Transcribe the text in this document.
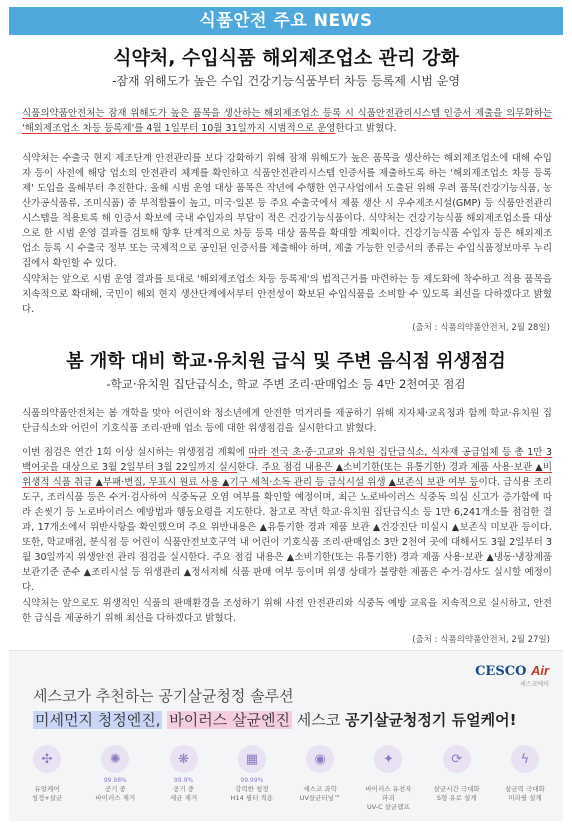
식품안전 주요 NEWS
식약처, 수입식품 해외제조업소 관리 강화
-잠재 위해도가 높은 수입 건강기능식품부터 차등 등록제 시범 운영

식품의약품안전처는 잠재 위해도가 높은 품목을 생산하는 해외제조업소 등록 시 식품안전관리시스템 인증서 제출을 의무화하는 '해외제조업소 차등 등록제'를 4월 1일부터 10월 31일까지 시범적으로 운영한다고 밝혔다.

식약처는 수출국 현지 제조단계 안전관리를 보다 강화하기 위해 잠재 위해도가 높은 품목을 생산하는 해외제조업소에 대해 수입자 등이 사전에 해당 업소의 안전관리 체계를 확인하고 식품안전관리시스템 인증서를 제출하도록 하는 '해외제조업소 차등 등록제' 도입을 올해부터 추진한다. 올해 시범 운영 대상 품목은 작년에 수행한 연구사업에서 도출된 위해 우려 품목(건강기능식품, 농산가공식품류, 조미식품) 중 부적합률이 높고, 미국·일본 등 주요 수출국에서 제품 생산 시 우수제조시설(GMP) 등 식품안전관리시스템을 적용토록 해 인증서 확보에 국내 수입자의 부담이 적은 건강기능식품이다. 식약처는 건강기능식품 해외제조업소를 대상으로 한 시범 운영 결과를 검토해 향후 단계적으로 차등 등록 대상 품목을 확대할 계획이다. 건강기능식품 수입자 등은 해외제조업소 등록 시 수출국 정부 또는 국제적으로 공인된 인증서를 제출해야 하며, 제출 가능한 인증서의 종류는 수입식품정보마루 누리집에서 확인할 수 있다.

식약처는 앞으로 시범 운영 결과를 토대로 '해외제조업소 차등 등록제'의 법적근거를 마련하는 등 제도화에 착수하고 적용 품목을 지속적으로 확대해, 국민이 해외 현지 생산단계에서부터 안전성이 확보된 수입식품을 소비할 수 있도록 최선을 다하겠다고 밝혔다.

(출처 : 식품의약품안전처, 2월 28일)
봄 개학 대비 학교·유치원 급식 및 주변 음식점 위생점검
-학교·유치원 집단급식소, 학교 주변 조리·판매업소 등 4만 2천여곳 점검

식품의약품안전처는 봄 개학을 맞아 어린이와 청소년에게 안전한 먹거리를 제공하기 위해 지자체·교육청과 함께 학교·유치원 집단급식소와 어린이 기호식품 조리·판매 업소 등에 대한 위생점검을 실시한다고 밝혔다.

이번 점검은 연간 1회 이상 실시하는 위생점검 계획에 따라 전국 초·중·고교와 유치원 집단급식소, 식자재 공급업체 등 총 1만 3백여곳을 대상으로 3월 2일부터 3월 22일까지 실시한다. 주요 점검 내용은 ▲소비기한(또는 유통기한) 경과 제품 사용·보관 ▲비위생적 식품 취급 ▲부패·변질, 무표시 원료 사용 ▲기구 세척·소독 관리 등 급식시설 위생 ▲보존식 보관 여부 등이다. 급식용 조리도구, 조리식품 등은 수거·검사하여 식중독균 오염 여부를 확인할 예정이며, 최근 노로바이러스 식중독 의심 신고가 증가함에 따라 손씻기 등 노로바이러스 예방법과 행동요령을 지도한다. 참고로 작년 학교·유치원 집단급식소 등 1만 6,241개소를 점검한 결과, 17개소에서 위반사항을 확인했으며 주요 위반내용은 ▲유통기한 경과 제품 보관 ▲건강진단 미실시 ▲보존식 미보관 등이다. 또한, 학교매점, 분식점 등 어린이 식품안전보호구역 내 어린이 기호식품 조리·판매업소 3만 2천여 곳에 대해서도 3월 2일부터 3월 30일까지 위생안전 관리 점검을 실시한다. 주요 점검 내용은 ▲소비기한(또는 유통기한) 경과 제품 사용·보관 ▲냉동·냉장제품 보관기준 준수 ▲조리시설 등 위생관리 ▲정서저해 식품 판매 여부 등이며 위생 상태가 불량한 제품은 수거·검사도 실시할 예정이다.

식약처는 앞으로도 위생적인 식품의 판매환경을 조성하기 위해 사전 안전관리와 식중독 예방 교육을 지속적으로 실시하고, 안전한 급식을 제공하기 위해 최선을 다하겠다고 밝혔다.

(출처 : 식품의약품안전처, 2월 27일)
CESCO Air
세스코에어
세스코가 추천하는 공기살균청정 솔루션
미세먼지 청정엔진, 바이러스 살균엔진 세스코 공기살균청정기 듀얼케어!
✣
듀얼케어
청정+살균
✺
99.98%
공기 중
바이러스 제거
❋
99.9%
공기 중
세균 제거
▦
99.99%
강력한 청정
H14 필터 적용
◉
세스코 과학
UV살균터널™
✦
바이러스 유전자 파괴
UV-C 살균램프
⟳
살균시간 극대화
S형 유로 설계
ϟ
살균력 극대화
미라필 설계
